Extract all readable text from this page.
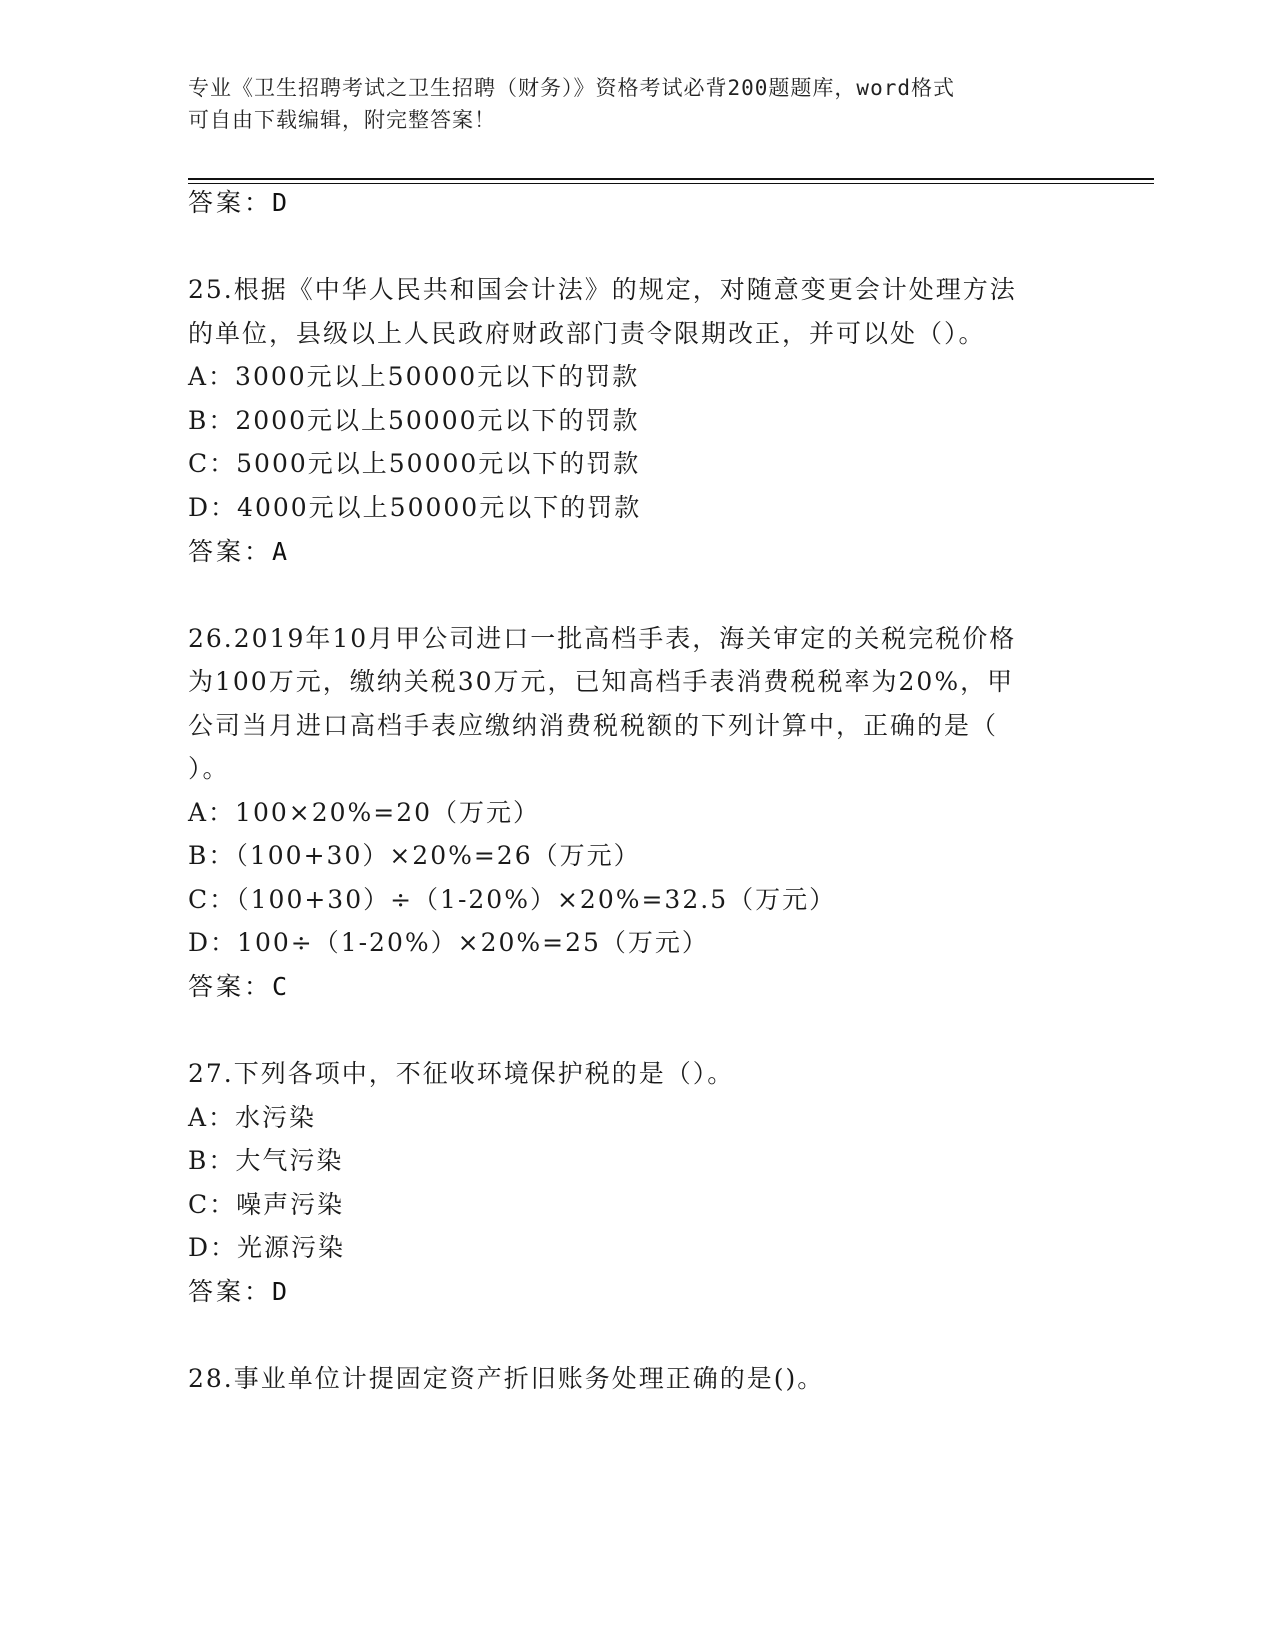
专业《卫生招聘考试之卫生招聘（财务）》资格考试必背200题题库，word格式
可自由下载编辑，附完整答案！
答案：D
25.根据《中华人民共和国会计法》的规定，对随意变更会计处理方法
的单位，县级以上人民政府财政部门责令限期改正，并可以处（）。
A：3000元以上50000元以下的罚款
B：2000元以上50000元以下的罚款
C：5000元以上50000元以下的罚款
D：4000元以上50000元以下的罚款
答案：A
26.2019年10月甲公司进口一批高档手表，海关审定的关税完税价格
为100万元，缴纳关税30万元，已知高档手表消费税税率为20%，甲
公司当月进口高档手表应缴纳消费税税额的下列计算中，正确的是（
）。
A：100×20%=20（万元）
B：（100+30）×20%=26（万元）
C：（100+30）÷（1-20%）×20%=32.5（万元）
D：100÷（1-20%）×20%=25（万元）
答案：C
27.下列各项中，不征收环境保护税的是（）。
A：水污染
B：大气污染
C：噪声污染
D：光源污染
答案：D
28.事业单位计提固定资产折旧账务处理正确的是()。
